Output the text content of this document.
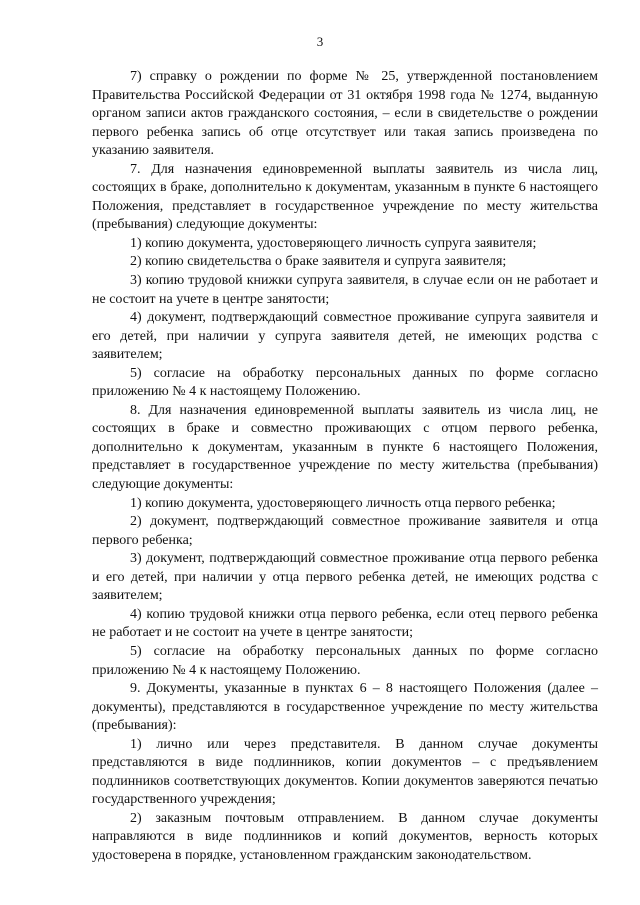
3

7) справку о рождении по форме № 25, утвержденной постановлением Правительства Российской Федерации от 31 октября 1998 года № 1274, выданную органом записи актов гражданского состояния, – если в свидетельстве о рождении первого ребенка запись об отце отсутствует или такая запись произведена по указанию заявителя.

7. Для назначения единовременной выплаты заявитель из числа лиц, состоящих в браке, дополнительно к документам, указанным в пункте 6 настоящего Положения, представляет в государственное учреждение по месту жительства (пребывания) следующие документы:

1) копию документа, удостоверяющего личность супруга заявителя;

2) копию свидетельства о браке заявителя и супруга заявителя;

3) копию трудовой книжки супруга заявителя, в случае если он не работает и не состоит на учете в центре занятости;

4) документ, подтверждающий совместное проживание супруга заявителя и его детей, при наличии у супруга заявителя детей, не имеющих родства с заявителем;

5) согласие на обработку персональных данных по форме согласно приложению № 4 к настоящему Положению.

8. Для назначения единовременной выплаты заявитель из числа лиц, не состоящих в браке и совместно проживающих с отцом первого ребенка, дополнительно к документам, указанным в пункте 6 настоящего Положения, представляет в государственное учреждение по месту жительства (пребывания) следующие документы:

1) копию документа, удостоверяющего личность отца первого ребенка;

2) документ, подтверждающий совместное проживание заявителя и отца первого ребенка;

3) документ, подтверждающий совместное проживание отца первого ребенка и его детей, при наличии у отца первого ребенка детей, не имеющих родства с заявителем;

4) копию трудовой книжки отца первого ребенка, если отец первого ребенка не работает и не состоит на учете в центре занятости;

5) согласие на обработку персональных данных по форме согласно приложению № 4 к настоящему Положению.

9. Документы, указанные в пунктах 6 – 8 настоящего Положения (далее – документы), представляются в государственное учреждение по месту жительства (пребывания):

1) лично или через представителя. В данном случае документы представляются в виде подлинников, копии документов – с предъявлением подлинников соответствующих документов. Копии документов заверяются печатью государственного учреждения;

2) заказным почтовым отправлением. В данном случае документы направляются в виде подлинников и копий документов, верность которых удостоверена в порядке, установленном гражданским законодательством.
